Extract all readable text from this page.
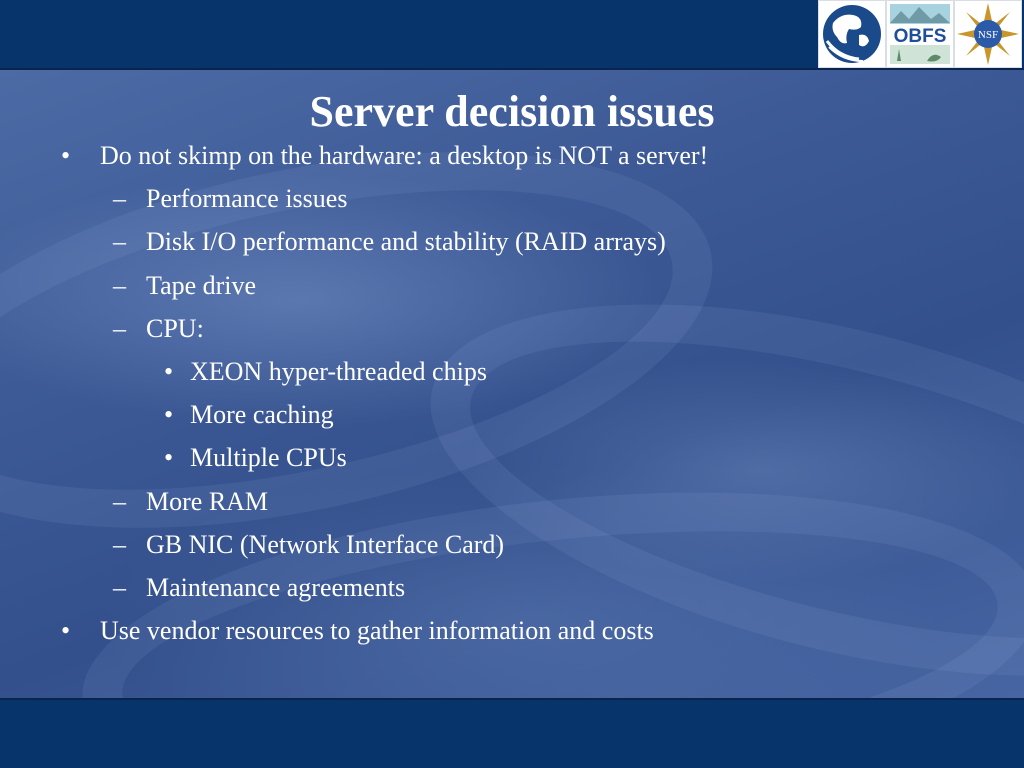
OBFS	NSF
Server decision issues
• Do not skimp on the hardware: a desktop is NOT a server!
– Performance issues
– Disk I/O performance and stability (RAID arrays)
– Tape drive
– CPU:
• XEON hyper-threaded chips
• More caching
• Multiple CPUs
– More RAM
– GB NIC (Network Interface Card)
– Maintenance agreements
• Use vendor resources to gather information and costs
